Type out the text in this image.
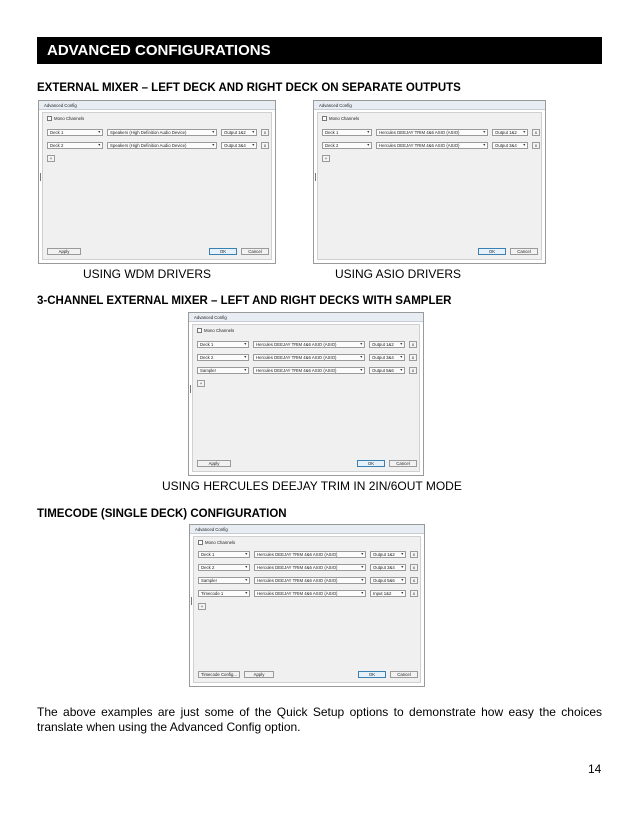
ADVANCED CONFIGURATIONS
EXTERNAL MIXER – LEFT DECK AND RIGHT DECK ON SEPARATE OUTPUTS
Advanced Config
Mono Channels
Deck 1	▼	Speakers (High Definition Audio Device)	▼	Output 1&2 ▼	x
Deck 2	▼	Speakers (High Definition Audio Device)	▼	Output 3&4 ▼	x
+
Apply	OK	Cancel
Advanced Config
Mono Channels
Deck 1	▼	Hercules DEEJAY TRIM 4&6 ASIO (ASIO)	▼	Output 1&2 ▼	x
Deck 2	▼	Hercules DEEJAY TRIM 4&6 ASIO (ASIO)	▼	Output 3&4 ▼	x
+
OK	Cancel
USING WDM DRIVERS	USING ASIO DRIVERS
3-CHANNEL EXTERNAL MIXER – LEFT AND RIGHT DECKS WITH SAMPLER
Advanced Config
Mono Channels
Deck 1	▼	Hercules DEEJAY TRIM 4&6 ASIO (ASIO)	▼	Output 1&2 ▼	x
Deck 2	▼	Hercules DEEJAY TRIM 4&6 ASIO (ASIO)	▼	Output 3&4 ▼	x
Sampler	▼	Hercules DEEJAY TRIM 4&6 ASIO (ASIO)	▼	Output 5&6 ▼	x
+
Apply	OK	Cancel
USING HERCULES DEEJAY TRIM IN 2IN/6OUT MODE
TIMECODE (SINGLE DECK) CONFIGURATION
Advanced Config
Mono Channels
Deck 1	▼	Hercules DEEJAY TRIM 4&6 ASIO (ASIO)	▼	Output 1&2 ▼	x
Deck 2	▼	Hercules DEEJAY TRIM 4&6 ASIO (ASIO)	▼	Output 3&4 ▼	x
Sampler	▼	Hercules DEEJAY TRIM 4&6 ASIO (ASIO)	▼	Output 5&6 ▼	x
Timecode 1	▼	Hercules DEEJAY TRIM 4&6 ASIO (ASIO)	▼	Input 1&2	▼	x
+
Timecode Config...	Apply	OK	Cancel
The above examples are just some of the Quick Setup options to demonstrate how easy the choices translate when using the Advanced Config option.
14
